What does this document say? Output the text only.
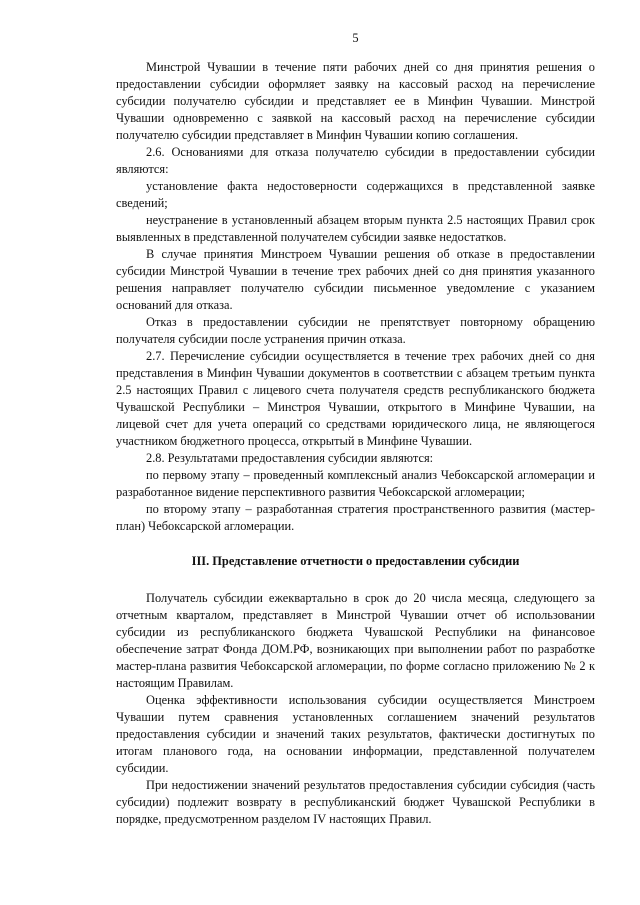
5

Минстрой Чувашии в течение пяти рабочих дней со дня принятия решения о предоставлении субсидии оформляет заявку на кассовый расход на перечисление субсидии получателю субсидии и представляет ее в Минфин Чувашии. Минстрой Чувашии одновременно с заявкой на кассовый расход на перечисление субсидии получателю субсидии представляет в Минфин Чувашии копию соглашения.

2.6. Основаниями для отказа получателю субсидии в предоставлении субсидии являются:

установление факта недостоверности содержащихся в представленной заявке сведений;

неустранение в установленный абзацем вторым пункта 2.5 настоящих Правил срок выявленных в представленной получателем субсидии заявке недостатков.

В случае принятия Минстроем Чувашии решения об отказе в предоставлении субсидии Минстрой Чувашии в течение трех рабочих дней со дня принятия указанного решения направляет получателю субсидии письменное уведомление с указанием оснований для отказа.

Отказ в предоставлении субсидии не препятствует повторному обращению получателя субсидии после устранения причин отказа.

2.7. Перечисление субсидии осуществляется в течение трех рабочих дней со дня представления в Минфин Чувашии документов в соответствии с абзацем третьим пункта 2.5 настоящих Правил с лицевого счета получателя средств республиканского бюджета Чувашской Республики – Минстроя Чувашии, открытого в Минфине Чувашии, на лицевой счет для учета операций со средствами юридического лица, не являющегося участником бюджетного процесса, открытый в Минфине Чувашии.

2.8. Результатами предоставления субсидии являются:

по первому этапу – проведенный комплексный анализ Чебоксарской агломерации и разработанное видение перспективного развития Чебоксарской агломерации;

по второму этапу – разработанная стратегия пространственного развития (мастер-план) Чебоксарской агломерации.

III. Представление отчетности о предоставлении субсидии

Получатель субсидии ежеквартально в срок до 20 числа месяца, следующего за отчетным кварталом, представляет в Минстрой Чувашии отчет об использовании субсидии из республиканского бюджета Чувашской Республики на финансовое обеспечение затрат Фонда ДОМ.РФ, возникающих при выполнении работ по разработке мастер-плана развития Чебоксарской агломерации, по форме согласно приложению № 2 к настоящим Правилам.

Оценка эффективности использования субсидии осуществляется Минстроем Чувашии путем сравнения установленных соглашением значений результатов предоставления субсидии и значений таких результатов, фактически достигнутых по итогам планового года, на основании информации, представленной получателем субсидии.

При недостижении значений результатов предоставления субсидии субсидия (часть субсидии) подлежит возврату в республиканский бюджет Чувашской Республики в порядке, предусмотренном разделом IV настоящих Правил.
